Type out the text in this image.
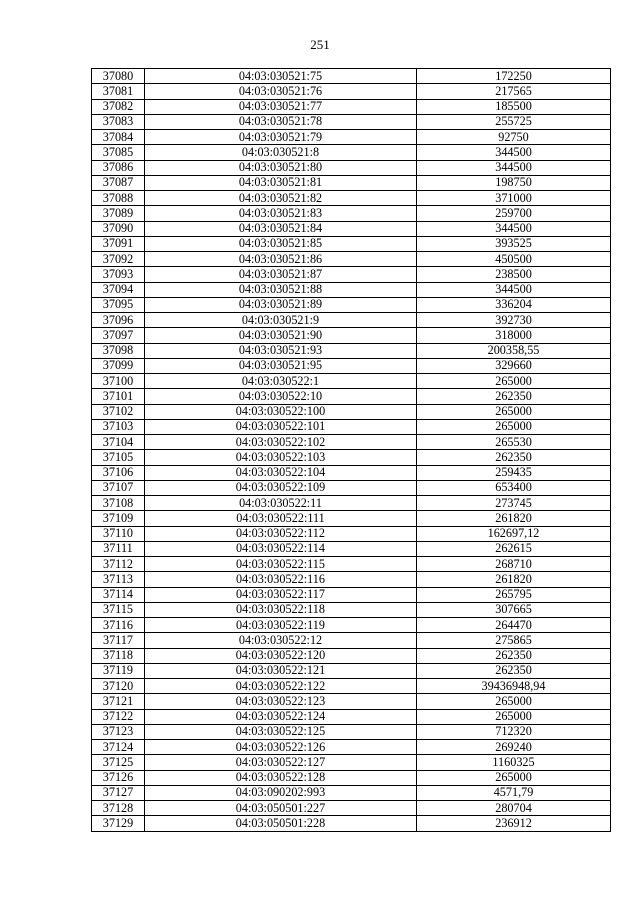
251
37080	04:03:030521:75	172250
37081	04:03:030521:76	217565
37082	04:03:030521:77	185500
37083	04:03:030521:78	255725
37084	04:03:030521:79	92750
37085	04:03:030521:8	344500
37086	04:03:030521:80	344500
37087	04:03:030521:81	198750
37088	04:03:030521:82	371000
37089	04:03:030521:83	259700
37090	04:03:030521:84	344500
37091	04:03:030521:85	393525
37092	04:03:030521:86	450500
37093	04:03:030521:87	238500
37094	04:03:030521:88	344500
37095	04:03:030521:89	336204
37096	04:03:030521:9	392730
37097	04:03:030521:90	318000
37098	04:03:030521:93	200358,55
37099	04:03:030521:95	329660
37100	04:03:030522:1	265000
37101	04:03:030522:10	262350
37102	04:03:030522:100	265000
37103	04:03:030522:101	265000
37104	04:03:030522:102	265530
37105	04:03:030522:103	262350
37106	04:03:030522:104	259435
37107	04:03:030522:109	653400
37108	04:03:030522:11	273745
37109	04:03:030522:111	261820
37110	04:03:030522:112	162697,12
37111	04:03:030522:114	262615
37112	04:03:030522:115	268710
37113	04:03:030522:116	261820
37114	04:03:030522:117	265795
37115	04:03:030522:118	307665
37116	04:03:030522:119	264470
37117	04:03:030522:12	275865
37118	04:03:030522:120	262350
37119	04:03:030522:121	262350
37120	04:03:030522:122	39436948,94
37121	04:03:030522:123	265000
37122	04:03:030522:124	265000
37123	04:03:030522:125	712320
37124	04:03:030522:126	269240
37125	04:03:030522:127	1160325
37126	04:03:030522:128	265000
37127	04:03:090202:993	4571,79
37128	04:03:050501:227	280704
37129	04:03:050501:228	236912
